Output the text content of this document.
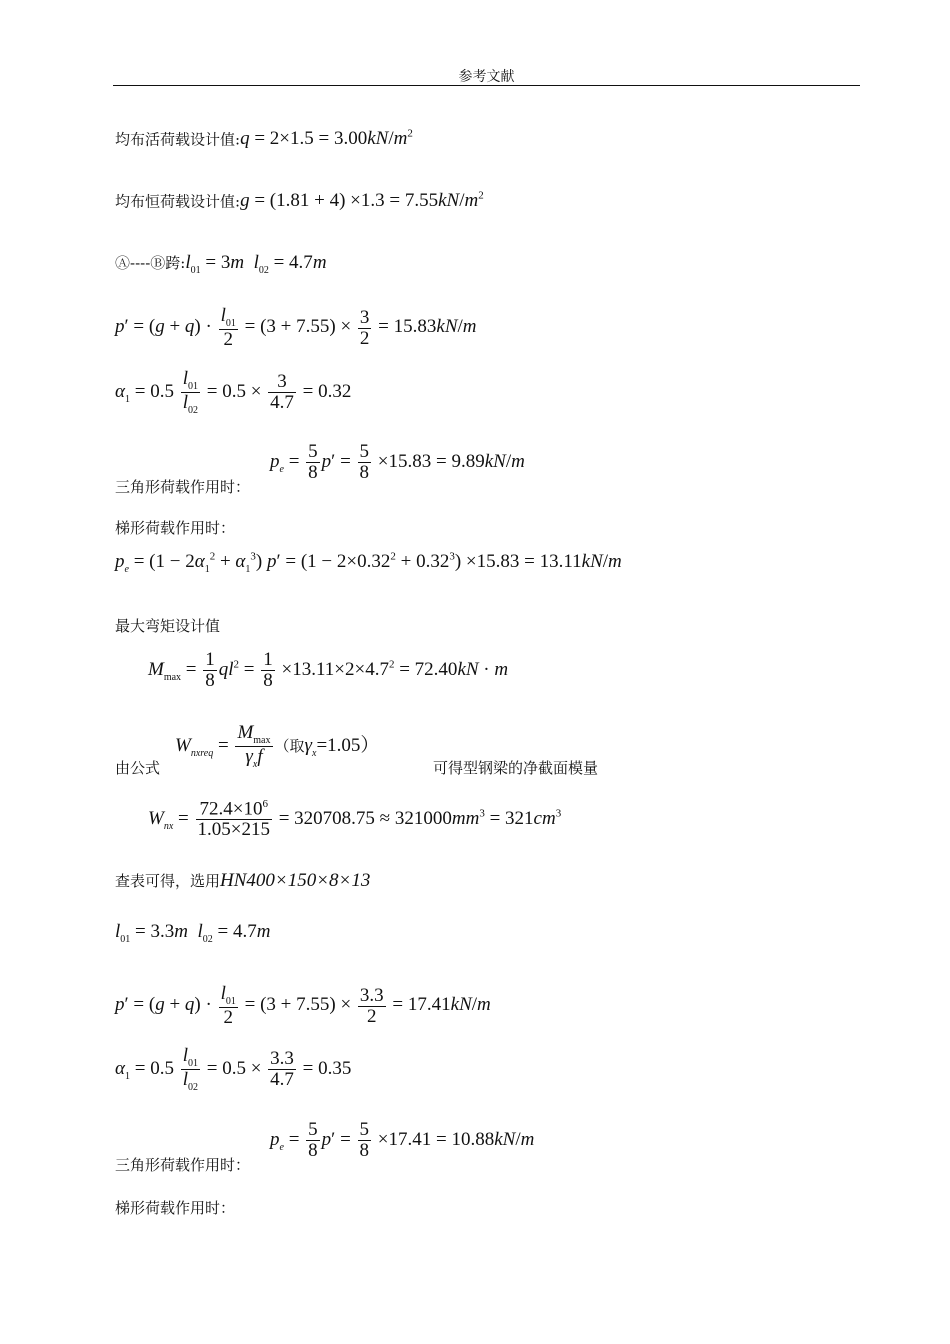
参考文献
均布活荷载设计值:q = $2\times 1.5 = 3.00kN/m^2$
均布恒荷载设计值:g = $(1.81 + 4) \times 1.3 = 7.55kN/m^2$
Ⓐ----Ⓑ跨$:l_{01} = 3m$ $l_{02} = 4.7m$
$p' = (g + q) \cdot \frac{l_{01}}{2} = (3 + 7.55) \times \frac{3}{2} = 15.83kN/m$
$\alpha_1 = 0.5 \frac{l_{01}}{l_{02}} = 0.5 \times \frac{3}{4.7} = 0.32$
三角形荷载作用时：
$p_e = \frac{5}{8} p' = \frac{5}{8} \times 15.83 = 9.89kN/m$
梯形荷载作用时：
$p_e = (1 - 2\alpha_1^2 + \alpha_1^3) p' = (1 - 2\times 0.32^2 + 0.32^3) \times 15.83 = 13.11kN/m$
最大弯矩设计值
$M_{max} = \frac{1}{8} ql^2 = \frac{1}{8} \times 13.11\times 2\times 4.7^2 = 72.40kN \cdot m$
由公式
$W_{nxreq} = \frac{M_{max}}{\gamma_xf}$ （取$\gamma_x=1.05$）
可得型钢梁的净截面模量
$W_{nx} = \frac{72.4\times 10^6}{1.05\times 215} = 320708.75 \approx 321000mm^3 = 321cm^3$
查表可得，选用HN400×150×8×13
$l_{01} = 3.3m$ $l_{02} = 4.7m$
$p' = (g + q) \cdot \frac{l_{01}}{2} = (3 + 7.55) \times \frac{3.3}{2} = 17.41kN/m$
$\alpha_1 = 0.5 \frac{l_{01}}{l_{02}} = 0.5 \times \frac{3.3}{4.7} = 0.35$
三角形荷载作用时：
$p_e = \frac{5}{8} p' = \frac{5}{8} \times 17.41 = 10.88kN/m$
梯形荷载作用时：
